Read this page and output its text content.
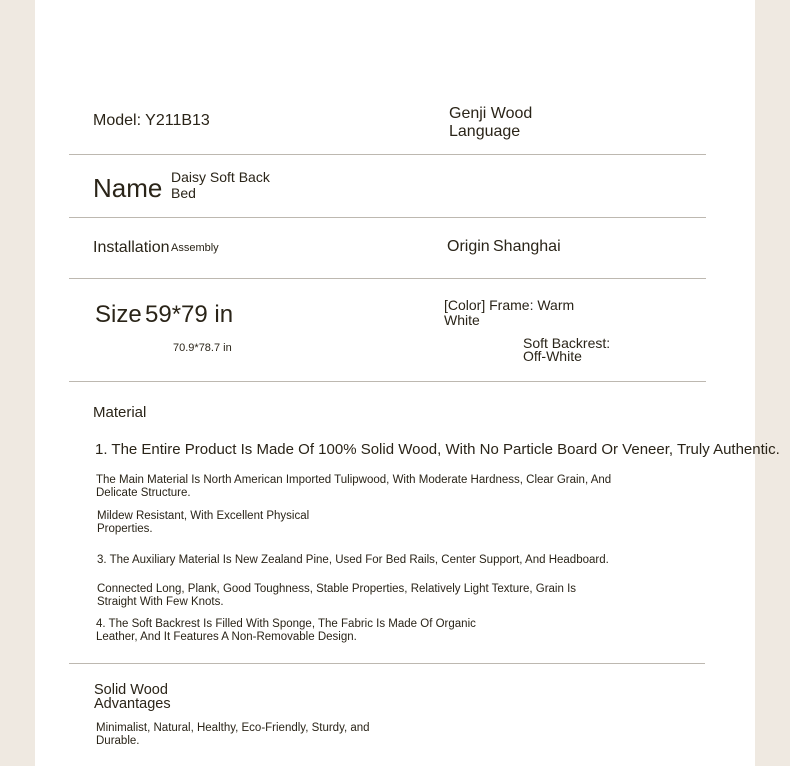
Model: Y211B13	Genji Wood Language
Name Daisy Soft Back Bed
Installation Assembly	Origin Shanghai
Size 59*79 in
70.9*78.7 in
[Color] Frame: Warm White
Soft Backrest: Off-White
Material
1. The Entire Product Is Made Of 100% Solid Wood, With No Particle Board Or Veneer, Truly Authentic.
The Main Material Is North American Imported Tulipwood, With Moderate Hardness, Clear Grain, And Delicate Structure.
Mildew Resistant, With Excellent Physical Properties.
3. The Auxiliary Material Is New Zealand Pine, Used For Bed Rails, Center Support, And Headboard.
Connected Long, Plank, Good Toughness, Stable Properties, Relatively Light Texture, Grain Is Straight With Few Knots.
4. The Soft Backrest Is Filled With Sponge, The Fabric Is Made Of Organic Leather, And It Features A Non-Removable Design.
Solid Wood Advantages
Minimalist, Natural, Healthy, Eco-Friendly, Sturdy, and Durable.
